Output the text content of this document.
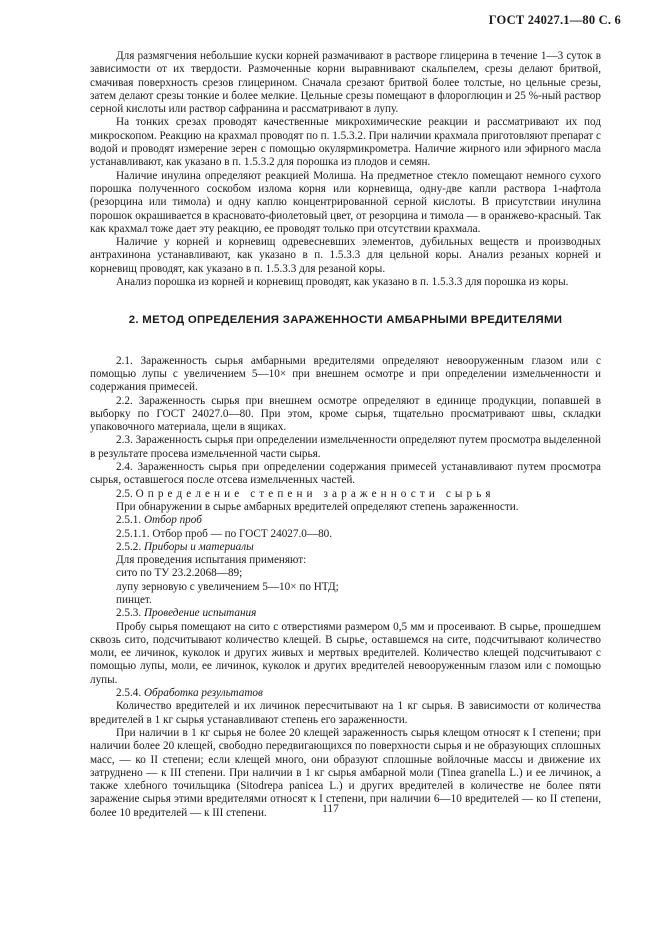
ГОСТ 24027.1—80 С. 6

Для размягчения небольшие куски корней размачивают в растворе глицерина в течение 1—3 суток в зависимости от их твердости. Размоченные корни выравнивают скальпелем, срезы делают бритвой, смачивая поверхность срезов глицерином. Сначала срезают бритвой более толстые, но цельные срезы, затем делают срезы тонкие и более мелкие. Цельные срезы помещают в флороглюцин и 25 %-ный раствор серной кислоты или раствор сафранина и рассматривают в лупу.

На тонких срезах проводят качественные микрохимические реакции и рассматривают их под микроскопом. Реакцию на крахмал проводят по п. 1.5.3.2. При наличии крахмала приготовляют препарат с водой и проводят измерение зерен с помощью окулярмикрометра. Наличие жирного или эфирного масла устанавливают, как указано в п. 1.5.3.2 для порошка из плодов и семян.

Наличие инулина определяют реакцией Молиша. На предметное стекло помещают немного сухого порошка полученного соскобом излома корня или корневища, одну-две капли раствора 1-нафтола (резорцина или тимола) и одну каплю концентрированной серной кислоты. В присутствии инулина порошок окрашивается в красновато-фиолетовый цвет, от резорцина и тимола — в оранжево-красный. Так как крахмал тоже дает эту реакцию, ее проводят только при отсутствии крахмала.

Наличие у корней и корневищ одревесневших элементов, дубильных веществ и производных антрахинона устанавливают, как указано в п. 1.5.3.3 для цельной коры. Анализ резаных корней и корневищ проводят, как указано в п. 1.5.3.3 для резаной коры.

Анализ порошка из корней и корневищ проводят, как указано в п. 1.5.3.3 для порошка из коры.

2. МЕТОД ОПРЕДЕЛЕНИЯ ЗАРАЖЕННОСТИ АМБАРНЫМИ ВРЕДИТЕЛЯМИ

2.1. Зараженность сырья амбарными вредителями определяют невооруженным глазом или с помощью лупы с увеличением 5—10× при внешнем осмотре и при определении измельченности и содержания примесей.

2.2. Зараженность сырья при внешнем осмотре определяют в единице продукции, попавшей в выборку по ГОСТ 24027.0—80. При этом, кроме сырья, тщательно просматривают швы, складки упаковочного материала, щели в ящиках.

2.3. Зараженность сырья при определении измельченности определяют путем просмотра выделенной в результате просева измельченной части сырья.

2.4. Зараженность сырья при определении содержания примесей устанавливают путем просмотра сырья, оставшегося после отсева измельченных частей.

2.5. Определение степени зараженности сырья

При обнаружении в сырье амбарных вредителей определяют степень зараженности.

2.5.1. Отбор проб

2.5.1.1. Отбор проб — по ГОСТ 24027.0—80.

2.5.2. Приборы и материалы

Для проведения испытания применяют:

сито по ТУ 23.2.2068—89;

лупу зерновую с увеличением 5—10× по НТД;

пинцет.

2.5.3. Проведение испытания

Пробу сырья помещают на сито с отверстиями размером 0,5 мм и просеивают. В сырье, прошедшем сквозь сито, подсчитывают количество клещей. В сырье, оставшемся на сите, подсчитывают количество моли, ее личинок, куколок и других живых и мертвых вредителей. Количество клещей подсчитывают с помощью лупы, моли, ее личинок, куколок и других вредителей невооруженным глазом или с помощью лупы.

2.5.4. Обработка результатов

Количество вредителей и их личинок пересчитывают на 1 кг сырья. В зависимости от количества вредителей в 1 кг сырья устанавливают степень его зараженности.

При наличии в 1 кг сырья не более 20 клещей зараженность сырья клещом относят к I степени; при наличии более 20 клещей, свободно передвигающихся по поверхности сырья и не образующих сплошных масс, — ко II степени; если клещей много, они образуют сплошные войлочные массы и движение их затруднено — к III степени. При наличии в 1 кг сырья амбарной моли (Tinea granella L.) и ее личинок, а также хлебного точильщика (Sitodrepa panicea L.) и других вредителей в количестве не более пяти заражение сырья этими вредителями относят к I степени, при наличии 6—10 вредителей — ко II степени, более 10 вредителей — к III степени.	117
